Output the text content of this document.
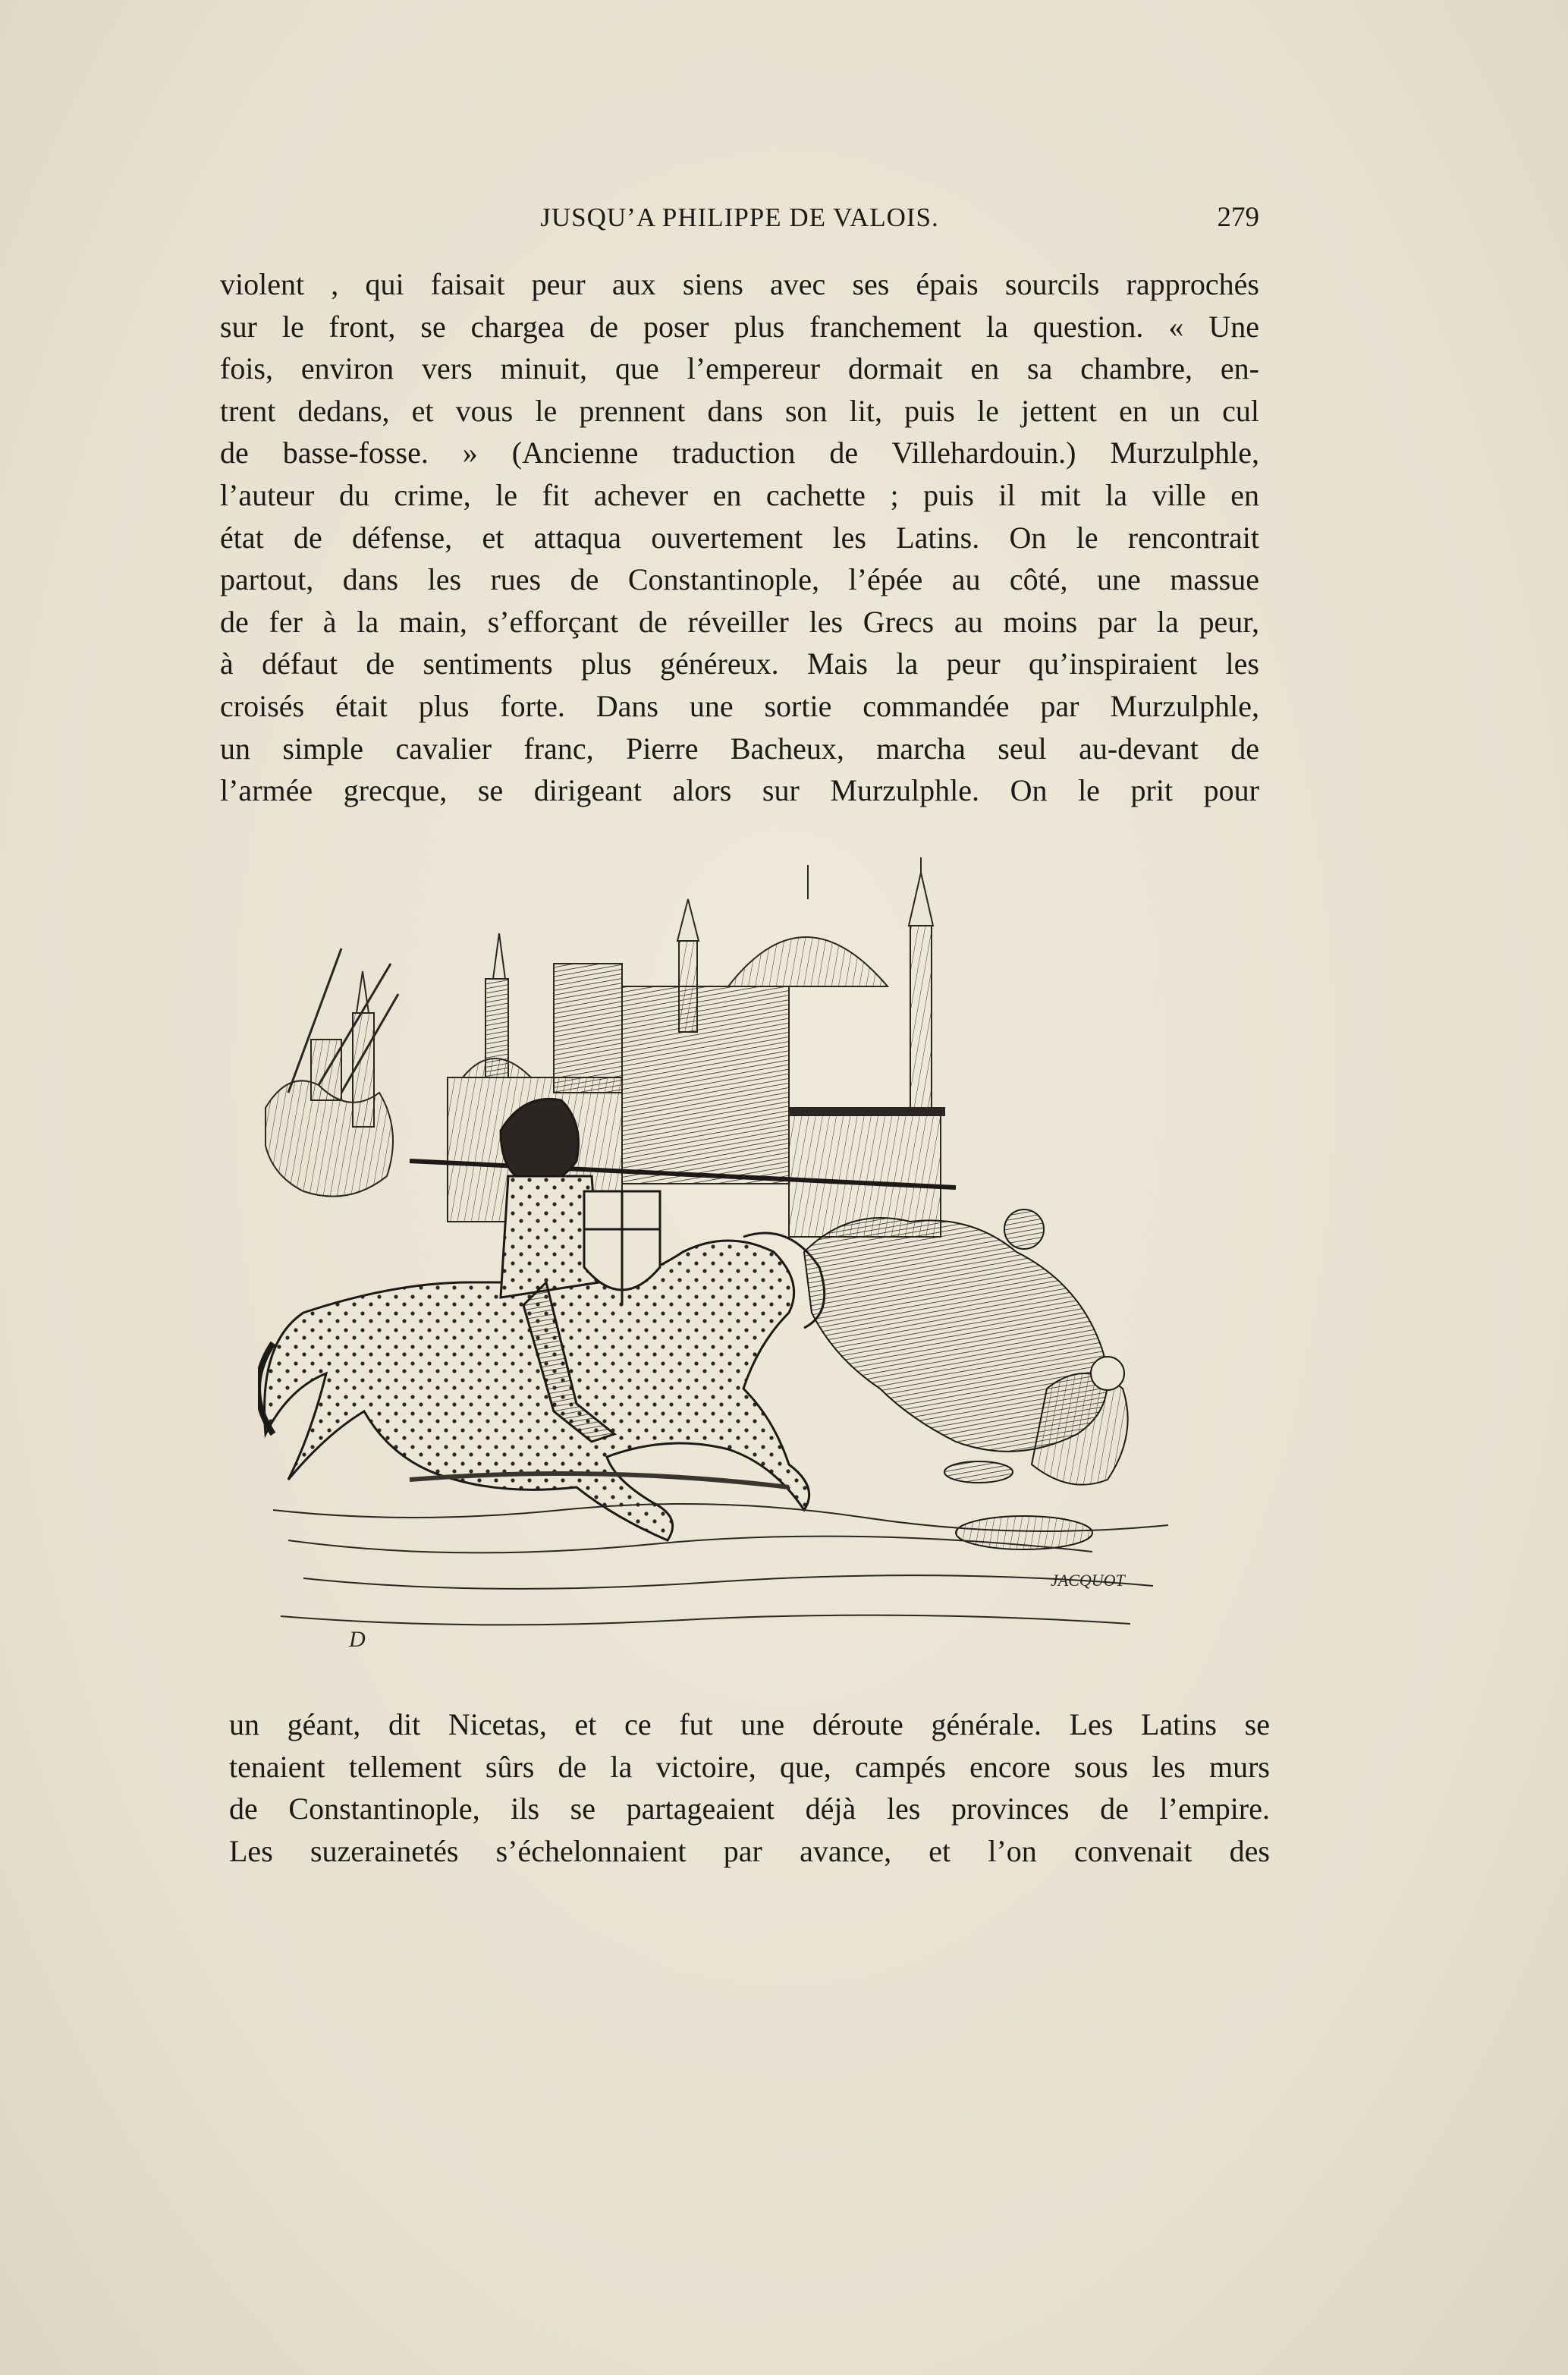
JUSQU’A PHILIPPE DE VALOIS.	279
violent , qui faisait peur aux siens avec ses épais sourcils rapprochés
sur le front, se chargea de poser plus franchement la question. « Une
fois, environ vers minuit, que l’empereur dormait en sa chambre, en-
trent dedans, et vous le prennent dans son lit, puis le jettent en un cul
de basse-fosse. » (Ancienne traduction de Villehardouin.) Murzulphle,
l’auteur du crime, le fit achever en cachette ; puis il mit la ville en
état de défense, et attaqua ouvertement les Latins. On le rencontrait
partout, dans les rues de Constantinople, l’épée au côté, une massue
de fer à la main, s’efforçant de réveiller les Grecs au moins par la peur,
à défaut de sentiments plus généreux. Mais la peur qu’inspiraient les
croisés était plus forte. Dans une sortie commandée par Murzulphle,
un simple cavalier franc, Pierre Bacheux, marcha seul au-devant de
l’armée grecque, se dirigeant alors sur Murzulphle. On le prit pour
JACQUOT
D
un géant, dit Nicetas, et ce fut une déroute générale. Les Latins se
tenaient tellement sûrs de la victoire, que, campés encore sous les murs
de Constantinople, ils se partageaient déjà les provinces de l’empire.
Les suzerainetés s’échelonnaient par avance, et l’on convenait des
